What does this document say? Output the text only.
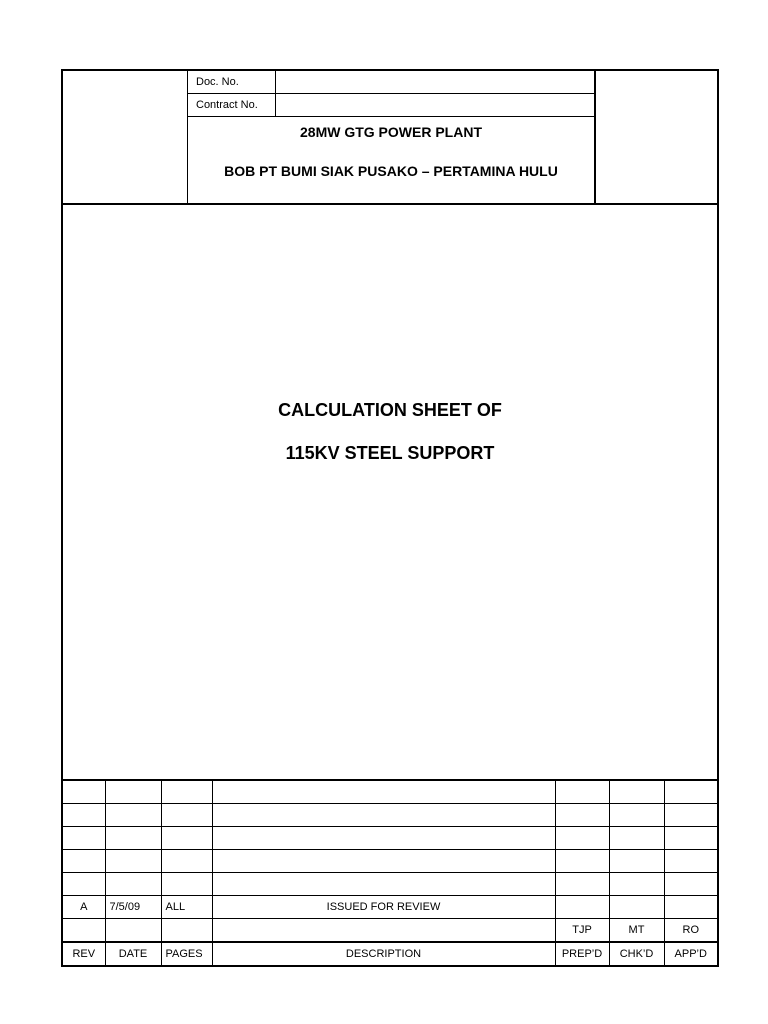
Doc. No.
Contract No.
28MW GTG POWER PLANT
BOB PT BUMI SIAK PUSAKO – PERTAMINA HULU
CALCULATION SHEET OF
115KV STEEL SUPPORT

A	7/5/09	ALL	ISSUED FOR REVIEW			
				TJP	MT	RO
REV	DATE	PAGES	DESCRIPTION	PREP’D	CHK’D	APP’D
